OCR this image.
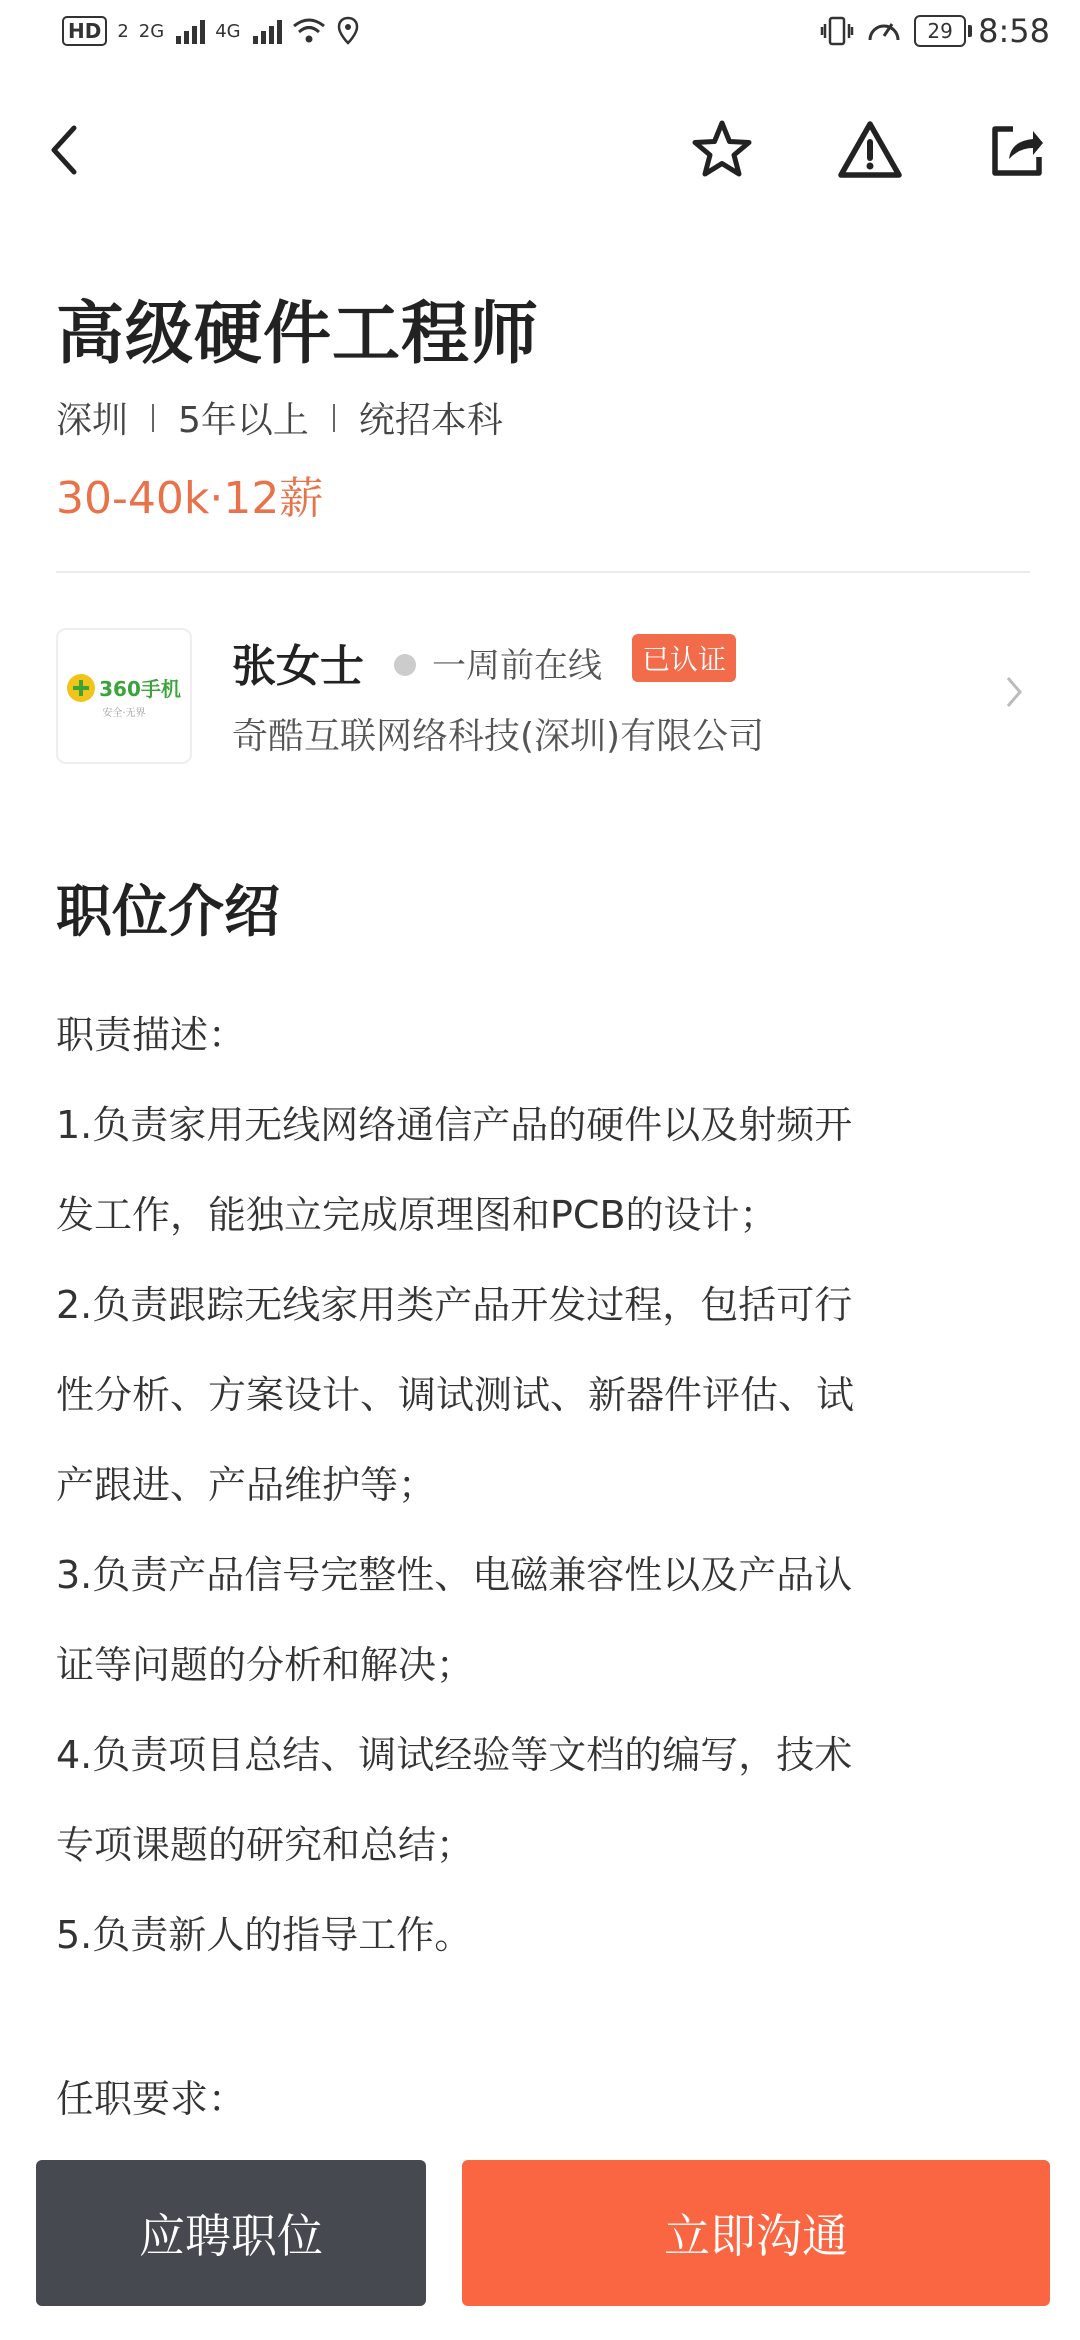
HD 2 2G	4G	29 8:58
高级硬件工程师
深圳 5年以上 统招本科
30-40k·12薪
360手机
安全·无界
张女士 一周前在线	已认证
奇酷互联网络科技(深圳)有限公司
职位介绍
职责描述：
1.负责家用无线网络通信产品的硬件以及射频开
发工作，能独立完成原理图和PCB的设计；
2.负责跟踪无线家用类产品开发过程，包括可行
性分析、方案设计、调试测试、新器件评估、试
产跟进、产品维护等；
3.负责产品信号完整性、电磁兼容性以及产品认
证等问题的分析和解决；
4.负责项目总结、调试经验等文档的编写，技术
专项课题的研究和总结；
5.负责新人的指导工作。
任职要求：
应聘职位	立即沟通
